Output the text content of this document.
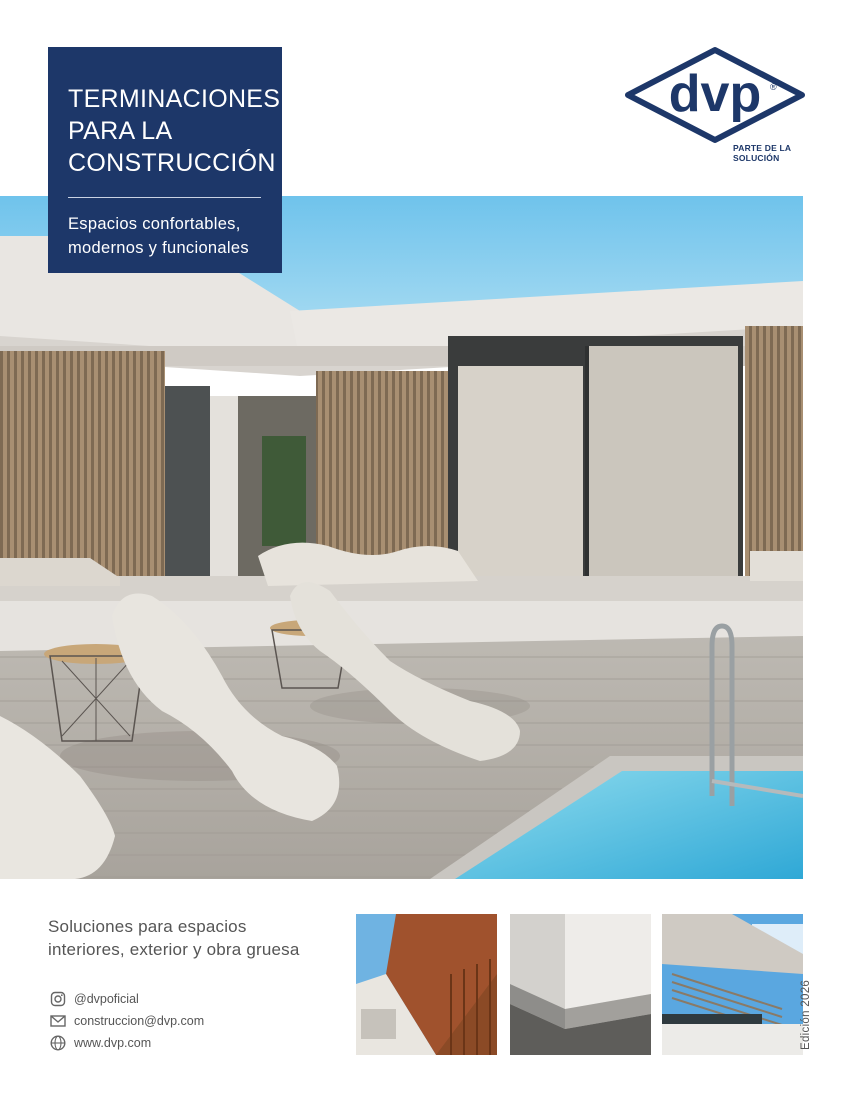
TERMINACIONES
PARA LA
CONSTRUCCIÓN
Espacios confortables,
modernos y funcionales
dvp ®
PARTE DE LA
SOLUCIÓN
Soluciones para espacios
interiores, exterior y obra gruesa
@dvpoficial
construccion@dvp.com
www.dvp.com	Edición 2026
